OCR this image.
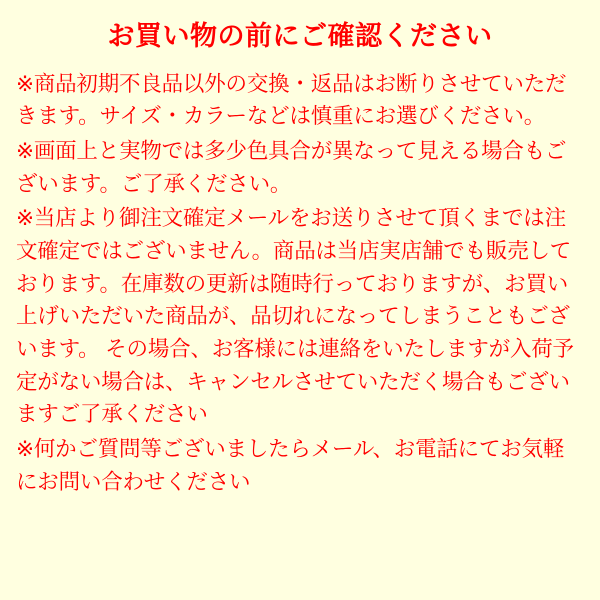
お買い物の前にご確認ください

※商品初期不良品以外の交換・返品はお断りさせていただきます。サイズ・カラーなどは慎重にお選びください。

※画面上と実物では多少色具合が異なって見える場合もございます。ご了承ください。

※当店より御注文確定メールをお送りさせて頂くまでは注文確定ではございません。商品は当店実店舗でも販売しております。在庫数の更新は随時行っておりますが、お買い上げいただいた商品が、品切れになってしまうこともございます。 その場合、お客様には連絡をいたしますが入荷予定がない場合は、キャンセルさせていただく場合もございますご了承ください

※何かご質問等ございましたらメール、お電話にてお気軽にお問い合わせください
